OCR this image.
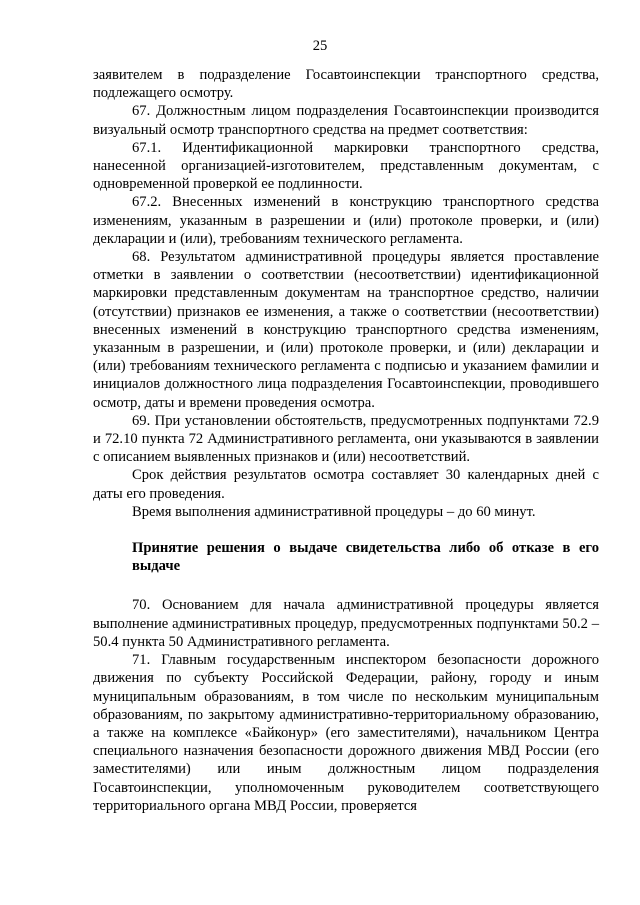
25

заявителем в подразделение Госавтоинспекции транспортного средства, подлежащего осмотру.

67. Должностным лицом подразделения Госавтоинспекции производится визуальный осмотр транспортного средства на предмет соответствия:

67.1. Идентификационной маркировки транспортного средства, нанесенной организацией-изготовителем, представленным документам, с одновременной проверкой ее подлинности.

67.2. Внесенных изменений в конструкцию транспортного средства изменениям, указанным в разрешении и (или) протоколе проверки, и (или) декларации и (или), требованиям технического регламента.

68. Результатом административной процедуры является проставление отметки в заявлении о соответствии (несоответствии) идентификационной маркировки представленным документам на транспортное средство, наличии (отсутствии) признаков ее изменения, а также о соответствии (несоответствии) внесенных изменений в конструкцию транспортного средства изменениям, указанным в разрешении, и (или) протоколе проверки, и (или) декларации и (или) требованиям технического регламента с подписью и указанием фамилии и инициалов должностного лица подразделения Госавтоинспекции, проводившего осмотр, даты и времени проведения осмотра.

69. При установлении обстоятельств, предусмотренных подпунктами 72.9 и 72.10 пункта 72 Административного регламента, они указываются в заявлении с описанием выявленных признаков и (или) несоответствий.

Срок действия результатов осмотра составляет 30 календарных дней с даты его проведения.

Время выполнения административной процедуры – до 60 минут.

Принятие решения о выдаче свидетельства либо об отказе в его выдаче

70. Основанием для начала административной процедуры является выполнение административных процедур, предусмотренных подпунктами 50.2 – 50.4 пункта 50 Административного регламента.

71. Главным государственным инспектором безопасности дорожного движения по субъекту Российской Федерации, району, городу и иным муниципальным образованиям, в том числе по нескольким муниципальным образованиям, по закрытому административно-территориальному образованию, а также на комплексе «Байконур» (его заместителями), начальником Центра специального назначения безопасности дорожного движения МВД России (его заместителями) или иным должностным лицом подразделения Госавтоинспекции, уполномоченным руководителем соответствующего территориального органа МВД России, проверяется
